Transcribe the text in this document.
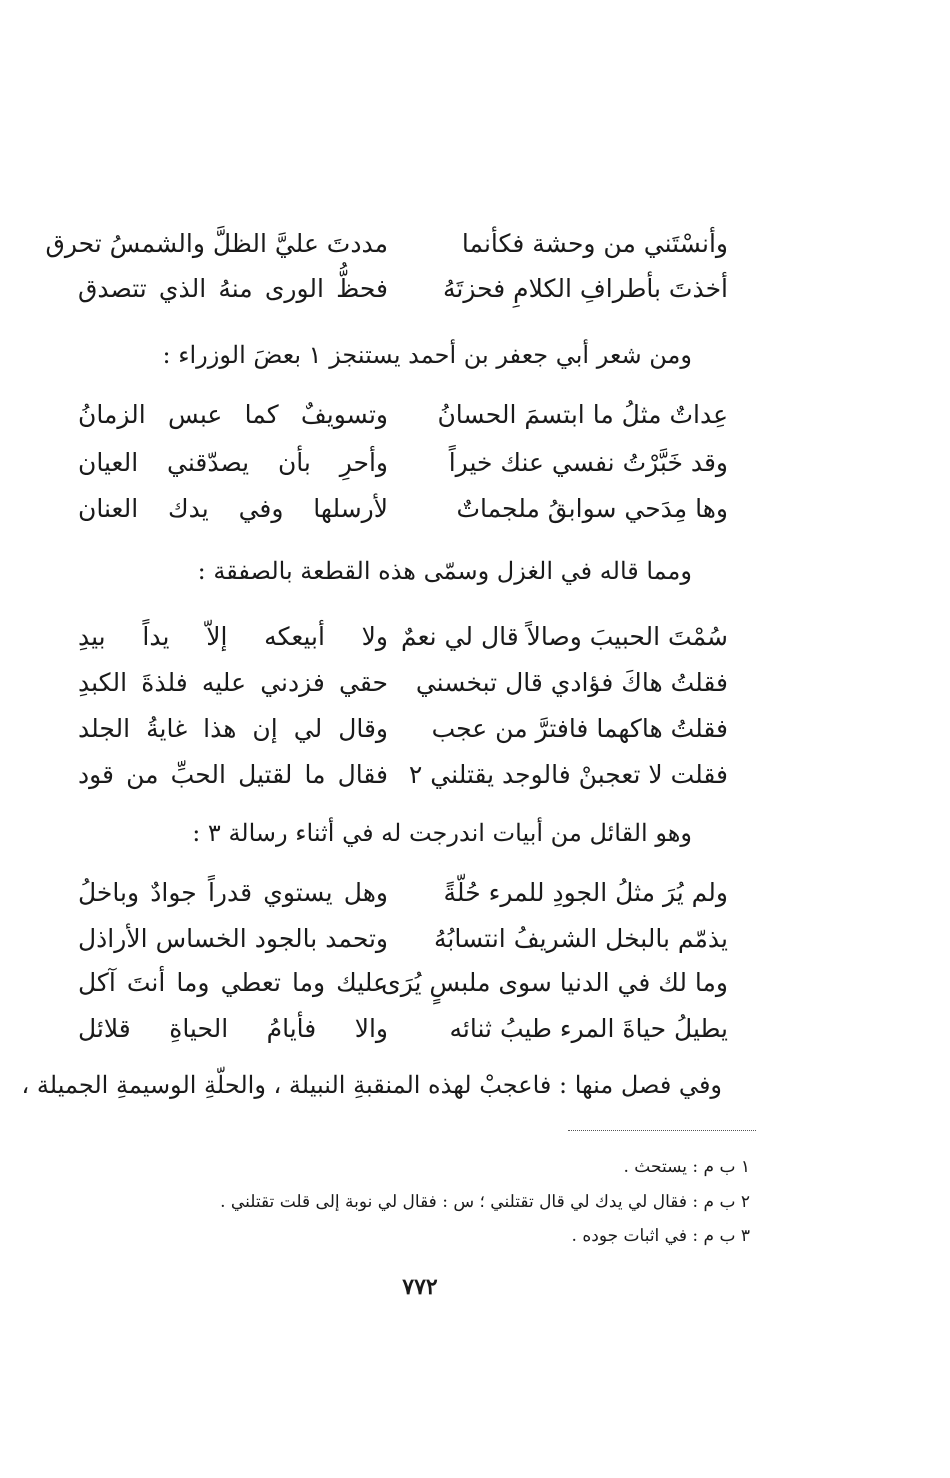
وأنسْتَني من وحشة فكأنما
مددتَ عليَّ الظلَّ والشمسُ تحرق
أخذتَ بأطرافِ الكلامِ فحزتَهُ
فحظُّ الورى منهُ الذي تتصدق
ومن شعر أبي جعفر بن أحمد يستنجز ١ بعضَ الوزراء :
عِداتٌ مثلُ ما ابتسمَ الحسانُ
وتسويفٌ كما عبس الزمانُ
وقد خَبَّرْتُ نفسي عنك خيراً
وأحرِ بأن يصدّقني العيان
وها مِدَحي سوابقُ ملجماتٌ
لأرسلها وفي يدك العنان
ومما قاله في الغزل وسمّى هذه القطعة بالصفقة :
سُمْتَ الحبيبَ وصالاً قال لي نعمٌ
ولا أبيعكه إلاّ يداً بيدِ
فقلتُ هاكَ فؤادي قال تبخسني
حقي فزدني عليه فلذةَ الكبدِ
فقلتُ هاكهما فافترَّ من عجب
وقال لي إن هذا غايةُ الجلد
فقلت لا تعجبنْ فالوجد يقتلني ٢
فقال ما لقتيل الحبِّ من قود
وهو القائل من أبيات اندرجت له في أثناء رسالة ٣ :
ولم يُرَ مثلُ الجودِ للمرء حُلّةً
وهل يستوي قدراً جوادٌ وباخلُ
يذمّم بالبخل الشريفُ انتسابُهُ
وتحمد بالجود الخساس الأراذل
وما لك في الدنيا سوى ملبسٍ يُرَى
عليك وما تعطي وما أنتَ آكل
يطيلُ حياةَ المرء طيبُ ثنائه
والا فأيامُ الحياةِ قلائل
وفي فصل منها : فاعجبْ لهذه المنقبةِ النبيلة ، والحلّةِ الوسيمةِ الجميلة ،
١ ب م : يستحث .
٢ ب م : فقال لي يدك لي قال تقتلني ؛ س : فقال لي نوبة إلى قلت تقتلني .
٣ ب م : في اثبات جوده .
٧٧٢
